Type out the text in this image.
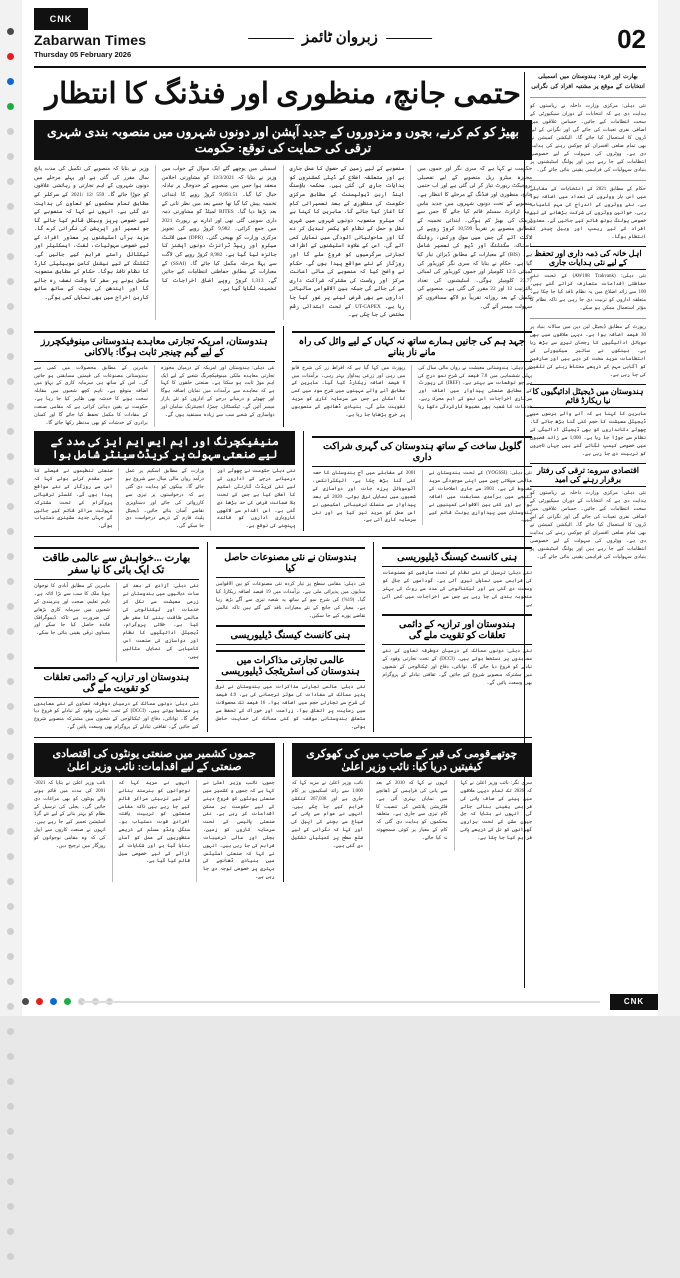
CNK
Zabarwan Times
Thursday 05 February 2026
زبروان ٹائمز	02
حتمی جانچ، منظوری اور فنڈنگ کا انتظار
بھیڑ کو کم کرنے، بچوں و مزدوروں کے جدید آپشن اور دونوں شہروں میں منصوبہ بندی شہری ترقی کی حمایت کی توقع: حکومت
حکومت نے کہا ہے کہ سری نگر اور جموں میں مجوزہ میٹرو ریل منصوبے کے لیے تفصیلی پروجیکٹ رپورٹ تیار کر لی گئی ہے اور اب حتمی جانچ، منظوری اور فنڈنگ کے مرحلے کا انتظار ہے۔ منصوبے کے تحت دونوں شہروں میں جدید ماس ریپڈ ٹرانزٹ سسٹم قائم کیا جائے گا جس سے ٹریفک کی بھیڑ کم ہوگی۔ ابتدائی تخمینہ کے مطابق منصوبے پر تقریباً 10,599 کروڑ روپے کی لاگت آئے گی جس میں سول ورکس، رولنگ اسٹاک، سگنلنگ اور ڈپو کی تعمیر شامل ہے۔ (BIS) کے معیارات کے مطابق ڈیزائن تیار کیا گیا ہے۔ حکام نے بتایا کہ سری نگر کوریڈور کی لمبائی 12.5 کلومیٹر اور جموں کوریڈور کی لمبائی 23.77 کلومیٹر ہوگی۔ اسٹیشنوں کی تعداد بالترتیب 12 اور 22 مقرر کی گئی ہے۔ منصوبے کی تکمیل کے بعد روزانہ تقریباً دو لاکھ مسافروں کو سہولت میسر آئے گی۔
منصوبے کے لیے زمین کے حصول کا عمل جاری ہے اور متعلقہ اضلاع کے ڈپٹی کمشنروں کو ہدایات جاری کی گئی ہیں۔ محکمہ ہاؤسنگ اینڈ اربن ڈیولپمنٹ کے مطابق مرکزی حکومت کی منظوری کے بعد تعمیراتی کام کا آغاز کیا جائے گا۔ ماہرین کا کہنا ہے کہ میٹرو منصوبہ دونوں شہروں میں شہری نقل و حمل کے نظام کو یکسر تبدیل کر دے گا اور ماحولیاتی آلودگی میں نمایاں کمی آئے گی۔ اس کے علاوہ اسٹیشنوں کے اطراف تجارتی سرگرمیوں کو فروغ ملے گا اور روزگار کے نئے مواقع پیدا ہوں گے۔ حکام نے واضح کیا کہ منصوبے کی مالی اعانت مرکز اور ریاست کی مشترکہ شراکت داری سے کی جائے گی جبکہ بین الاقوامی مالیاتی اداروں سے بھی قرض لینے پر غور کیا جا رہا ہے۔ UT-CAPEX کے تحت ابتدائی رقم مختص کی جا چکی ہے۔
اسمبلی میں پوچھے گئے ایک سوال کے جواب میں وزیر نے بتایا کہ 12/3/2021 کو مشاورتی اجلاس منعقد ہوا جس میں منصوبے کے خدوخال پر تبادلہ خیال کیا گیا۔ 9,893.51 کروڑ روپے کا ابتدائی تخمینہ پیش کیا گیا تھا جسے بعد میں نظر ثانی کے بعد بڑھا دیا گیا۔ RITES لمیٹڈ کو مشاورتی ذمہ داری سونپی گئی تھی اور ادارے نے رپورٹ 2021 میں جمع کرائی۔ 9,982 کروڑ روپے کی تجویز مرکزی وزارت کو بھیجی گئی۔ (DPR) میں لائٹ میٹرو اور ریپڈ ٹرانزٹ دونوں آپشنز کا جائزہ لیا گیا ہے۔ 8,982 کروڑ روپے کی لاگت سے پہلا مرحلہ مکمل کیا جائے گا۔ (SSAI) کے معیارات کے مطابق حفاظتی انتظامات کیے جائیں گے۔ 1,313 کروڑ روپے اضافی اخراجات کا تخمینہ لگایا گیا ہے۔
وزیر نے بتایا کہ منصوبے کی تکمیل کی مدت پانچ سال مقرر کی گئی ہے اور پہلے مرحلے میں دونوں شہروں کے اہم تجارتی و رہائشی علاقوں کو جوڑا جائے گا۔ 559 /12 /2021 کے سرکلر کے مطابق تمام محکموں کو تعاون کی ہدایت دی گئی ہے۔ انہوں نے کہا کہ منصوبے کے لیے خصوصی پرپز وہیکل قائم کیا جائے گا جو تعمیر اور آپریشن کی نگرانی کرے گا۔ مزید برآں اسٹیشنوں پر معذور افراد کے لیے خصوصی سہولیات، لفٹ، ایسکلیٹر اور ٹیکٹائل راستے فراہم کیے جائیں گے۔ ٹکٹنگ کے لیے نیشنل کامن موبیلیٹی کارڈ کا نظام نافذ ہوگا۔ حکام کے مطابق منصوبہ مکمل ہونے پر سفر کا وقت نصف رہ جائے گا اور ایندھن کی بچت کے ساتھ ساتھ کاربن اخراج میں بھی نمایاں کمی ہوگی۔
جہد ہم کی جانیں ہمارے ساتھ نہ کہاں کے لیے وائل کی راہ مانے ناز بنانے
نئی دہلی: ہندوستانی معیشت نے رواں مالی سال کی پہلی ششماہی میں 7.8 فیصد کی شرح نمو درج کی ہے جو توقعات سے بہتر ہے۔ (IREF) کی رپورٹ کے مطابق صنعتی پیداوار میں اضافہ اور سرکاری اخراجات اس نمو کے اہم محرک رہے۔ خدمات کا شعبہ بھی مضبوط کارکردگی دکھا رہا ہے۔
رپورٹ میں کہا گیا ہے کہ افراط زر کی شرح قابو میں رہی اور زرعی پیداوار بہتر رہی۔ برآمدات میں 6 فیصد اضافہ ریکارڈ کیا گیا۔ ماہرین کے مطابق آنے والے مہینوں میں شرح سود میں کمی کا امکان ہے جس سے سرمایہ کاری کو مزید تقویت ملے گی۔ بنیادی ڈھانچے کے منصوبوں پر خرچ بڑھایا جا رہا ہے۔
ہندوستان، امریکہ تجارتی معاہدے ہندوستانی مینوفیکچررز کے لیے گیم چینجر ثابت ہوگا: بالاکانی
نئی دہلی: ہندوستان اور امریکہ کے درمیان مجوزہ تجارتی معاہدہ ملکی مینوفیکچرنگ شعبے کے لیے ایک اہم موڑ ثابت ہو سکتا ہے۔ صنعتی حلقوں کا کہنا ہے کہ معاہدے سے برآمدات میں نمایاں اضافہ ہوگا اور چھوٹے و درمیانے درجے کے اداروں کو نئے بازار میسر آئیں گے۔ ٹیکسٹائل، چمڑا، انجینئرنگ سامان اور دواسازی کے شعبے سب سے زیادہ مستفید ہوں گے۔
ماہرین کے مطابق محصولات میں کمی سے ہندوستانی مصنوعات کی قیمتیں مسابقتی ہو جائیں گی۔ اس کے ساتھ ہی سرمایہ کاری کے بہاؤ میں اضافہ متوقع ہے۔ تاہم کچھ شعبوں میں مقابلہ سخت ہونے کا خدشہ بھی ظاہر کیا جا رہا ہے۔ حکومت نے یقین دہانی کرائی ہے کہ مقامی صنعت کے مفادات کا مکمل تحفظ کیا جائے گا اور کسان برادری کے خدشات کو بھی مدنظر رکھا جائے گا۔
گلوبل ساخت کے ساتھ ہندوستان کی گہری شراکت داری
نئی دہلی: (YOGSSI) کے تحت ہندوستان نے عالمی سپلائی چین میں اپنی موجودگی مزید مضبوط کی ہے۔ 2003 سے جاری اصلاحات کے نتیجے میں برآمدی مسابقت میں اضافہ ہوا ہے اور کئی بین الاقوامی کمپنیوں نے ہندوستان میں پیداواری یونٹ قائم کیے ہیں۔
2001 کے مقابلے میں آج ہندوستان کا حصہ کئی گنا بڑھ چکا ہے۔ الیکٹرانکس، آٹوموبائل پرزہ جات اور دواسازی کے شعبوں میں نمایاں ترقی ہوئی۔ 2020 کے بعد پیداوار سے منسلک ترغیباتی اسکیموں نے اس عمل کو مزید تیز کیا ہے اور نئی سرمایہ کاری آئی ہے۔
منیفیکچرنگ اور ایم ایس ایم ایز کی مدد کے لیے صنعتی سہولت پر کریڈٹ سینٹر شامل ہوا
نئی دہلی: حکومت نے چھوٹے اور درمیانے درجے کے اداروں کے لیے نئی کریڈٹ گارنٹی اسکیم کا اعلان کیا ہے جس کے تحت بلا ضمانت قرض کی حد بڑھا دی گئی ہے۔ اس اقدام سے لاکھوں کاروباری اداروں کو فائدہ پہنچنے کی توقع ہے۔
وزارت کے مطابق اسکیم پر عمل درآمد رواں مالی سال سے شروع ہو جائے گا۔ بینکوں کو ہدایت دی گئی ہے کہ درخواستوں پر تیزی سے کارروائی کی جائے اور دستاویزی تقاضے آسان بنائے جائیں۔ ڈیجیٹل پلیٹ فارم کے ذریعے درخواست دی جا سکے گی۔
صنعتی تنظیموں نے فیصلے کا خیر مقدم کرتے ہوئے کہا کہ اس سے روزگار کے نئے مواقع پیدا ہوں گے۔ کلسٹر ترقیاتی پروگرام کے تحت مشترکہ سہولت مراکز قائم کیے جائیں گے جہاں جدید مشینری دستیاب ہوگی۔
ہنی کانسٹ کیسنگ ڈیلیوریسی
نئی دہلی: ترسیل کے نئے نظام کے تحت صارفین کو مصنوعات کی فراہمی میں نمایاں تیزی آئی ہے۔ گوداموں کے جال کو وسعت دی گئی ہے اور ٹیکنالوجی کی مدد سے روٹ کی بہتر منصوبہ بندی کی جا رہی ہے جس سے اخراجات میں کمی آئی ہے۔
ہندوستان اور ترازیہ کے دائمی تعلقات کو تقویت ملے گی
نئی دہلی: دونوں ممالک کے درمیان دوطرفہ تعاون کے نئے معاہدوں پر دستخط ہوئے ہیں۔ (DCCI) کے تحت تجارتی وفود کے تبادلے کو فروغ دیا جائے گا۔ توانائی، دفاع اور ٹیکنالوجی کے شعبوں میں مشترکہ منصوبے شروع کیے جائیں گے۔ ثقافتی تبادلے کے پروگرام بھی وسعت پائیں گے۔
ہندوستان نے نئی مصنوعات حاصل کیا
نئی دہلی: مقامی سطح پر تیار کردہ نئی مصنوعات کو بین الاقوامی منڈیوں میں پذیرائی ملی ہے۔ برآمدات میں 19 فیصد اضافہ ریکارڈ کیا گیا۔ (19%) کی شرح نمو کے ساتھ یہ شعبہ تیزی سے آگے بڑھ رہا ہے۔ معیار کی جانچ کے نئے معیارات نافذ کیے گئے ہیں تاکہ عالمی تقاضے پورے کیے جا سکیں۔
ہنی کانسٹ کیسنگ ڈیلیوریسی
عالمی تجارتی مذاکرات میں ہندوستان کی اسٹریٹجک ڈیلیوریسی
نئی دہلی: عالمی تجارتی مذاکرات میں ہندوستان نے ترقی پذیر ممالک کے مفادات کی مؤثر ترجمانی کی ہے۔ 4.9 فیصد کی شرح سے تجارتی حجم میں اضافہ ہوا۔ 16 فیصد تک محصولات میں رعایت پر اتفاق ہوا۔ زراعت اور خوراک کے تحفظ سے متعلق ہندوستانی موقف کو کئی ممالک کی حمایت حاصل ہوئی۔
بھارت ...خواہش سے عالمی طاقت تک ایک بائی کا نیا سفر
نئی دہلی: آزادی کے بعد کے سات دہائیوں میں ہندوستان نے زرعی معیشت سے نکل کر خدمات اور ٹیکنالوجی کی عالمی طاقت بننے کا سفر طے کیا ہے۔ خلائی پروگرام، ڈیجیٹل ادائیگیوں کا نظام اور دواسازی کی صنعت اس کامیابی کی نمایاں مثالیں ہیں۔
ماہرین کے مطابق آبادی کا نوجوان ہونا ملک کا سب سے بڑا اثاثہ ہے۔ تاہم تعلیم، صحت اور ہنرمندی کے شعبوں میں سرمایہ کاری بڑھانے کی ضرورت ہے تاکہ ڈیموگرافک فائدہ حاصل کیا جا سکے اور مساوی ترقی یقینی بنائی جا سکے۔
ہندوستان اور ترازیہ کے دائمی تعلقات کو تقویت ملے گی
نئی دہلی: دونوں ممالک کے درمیان دوطرفہ تعاون کے نئے معاہدوں پر دستخط ہوئے ہیں۔ (DCCI) کے تحت تجارتی وفود کے تبادلے کو فروغ دیا جائے گا۔ توانائی، دفاع اور ٹیکنالوجی کے شعبوں میں مشترکہ منصوبے شروع کیے جائیں گے۔ ثقافتی تبادلے کے پروگرام بھی وسعت پائیں گے۔
چوتھےقومی کی قبر کے صاحب میں کی کھوکری کیفیتیں دریا کیا: نائب وزیر اعلیٰ
سری نگر: نائب وزیر اعلیٰ نے کہا کہ 2026 تک تمام دیہی علاقوں میں پینے کے صاف پانی کی فراہمی یقینی بنائی جائے گی۔ انہوں نے بتایا کہ جل جیون مشن کے تحت ہزاروں گھرانوں کو نل کے ذریعے پانی فراہم کیا جا چکا ہے۔
انہوں نے کہا کہ 2010 کے بعد سے پانی کی فراہمی کے ڈھانچے میں نمایاں بہتری آئی ہے۔ فلٹریشن پلانٹس کی تنصیب کا کام تیزی سے جاری ہے۔ متعلقہ محکموں کو ہدایت دی گئی کہ کام کے معیار پر کوئی سمجھوتہ نہ کیا جائے۔
نائب وزیر اعلیٰ نے مزید کہا کہ 1,000 سے زائد اسکیموں پر کام جاری ہے اور 267,038 کنکشن فراہم کیے جا چکے ہیں۔ انہوں نے عوام سے پانی کے ضیاع سے بچنے کی اپیل کی اور کہا کہ نگرانی کے لیے ضلع سطح پر کمیٹیاں تشکیل دی گئی ہیں۔
جموں کشمیر میں صنعتی یونٹوں کی اقتصادی صنعتی کے لیے اقدامات: نائب وزیر اعلیٰ
جموں: نائب وزیر اعلیٰ نے کہا ہے کہ جموں و کشمیر میں صنعتی یونٹوں کو فروغ دینے کے لیے حکومت ہر ممکن اقدامات کر رہی ہے۔ نئی صنعتی پالیسی کے تحت سرمایہ کاروں کو زمین، بجلی اور مالی ترغیبات فراہم کی جا رہی ہیں۔ انہوں نے کہا کہ صنعتی اسٹیٹس میں بنیادی ڈھانچے کی بہتری پر خصوصی توجہ دی جا رہی ہے۔
انہوں نے مزید کہا کہ نوجوانوں کو ہنرمند بنانے کے لیے تربیتی مراکز قائم کیے جا رہے ہیں تاکہ مقامی صنعتوں کو تربیت یافتہ افرادی قوت دستیاب ہو۔ سنگل ونڈو سسٹم کے ذریعے منظوریوں کے عمل کو آسان بنایا گیا ہے اور شکایات کے ازالے کے لیے خصوصی سیل قائم کیا گیا ہے۔
نائب وزیر اعلیٰ نے بتایا کہ 2021-2001 کی مدت میں قائم ہونے والے یونٹوں کو بھی مراعات دی جائیں گی۔ بجلی کی ترسیل کے نظام کو بہتر بنانے کے لیے نئے گرڈ اسٹیشن تعمیر کیے جا رہے ہیں۔ انہوں نے صنعت کاروں سے اپیل کی کہ وہ مقامی نوجوانوں کو روزگار میں ترجیح دیں۔
بھارت اور غزہ: ہندوستان میں اسمبلی انتخابات کے موقع پر مشتبہ افراد کی نگرانی
نئی دہلی: مرکزی وزارت داخلہ نے ریاستوں کو ہدایت دی ہے کہ انتخابات کے دوران سیکیورٹی کے سخت انتظامات کیے جائیں۔ حساس علاقوں میں اضافی نفری تعینات کی جائے گی اور نگرانی کے لیے ڈرون کا استعمال کیا جائے گا۔ الیکشن کمیشن نے بھی تمام ضلعی افسران کو چوکس رہنے کی ہدایت دی ہے۔ ووٹروں کی سہولت کے لیے خصوصی انتظامات کیے جا رہے ہیں اور پولنگ اسٹیشنوں پر بنیادی سہولیات کی فراہمی یقینی بنائی جائے گی۔
حکام کے مطابق 2021 کے انتخابات کے مقابلے میں اس بار ووٹروں کی تعداد میں اضافہ ہوا ہے۔ نئے ووٹروں کے اندراج کی مہم کامیاب رہی۔ خواتین ووٹروں کی شرکت بڑھانے کے لیے خصوصی پولنگ بوتھ قائم کیے جائیں گے۔ معذور افراد کے لیے ریمپ اور وہیل چیئر کا انتظام ہوگا۔
اہل خانہ کی ذمہ داری اور تحفظ کے لیے نئی ہدایات جاری
نئی دہلی: (AW108 Trakvank) کے تحت نئے حفاظتی اقدامات متعارف کرائے گئے ہیں۔ 100 سے زائد اضلاع میں یہ نظام نافذ کیا جا چکا ہے۔ متعلقہ اداروں کو تربیت دی جا رہی ہے تاکہ نظام کا مؤثر استعمال ممکن ہو سکے۔
رپورٹ کے مطابق ڈیجیٹل لین دین میں سالانہ بنیاد پر 30 فیصد اضافہ ہوا ہے۔ دیہی علاقوں میں بھی موبائل ادائیگیوں کا رجحان تیزی سے بڑھ رہا ہے۔ بینکوں نے سائبر سیکیورٹی کے انتظامات مزید سخت کر دیے ہیں اور صارفین کو آگاہی مہم کے ذریعے محتاط رہنے کی تلقین کی جا رہی ہے۔
ہندوستان میں ڈیجیٹل ادائیگیوں کا نیا ریکارڈ قائم
ماہرین کا کہنا ہے کہ آنے والے برسوں میں ڈیجیٹل معیشت کا حجم کئی گنا بڑھ جائے گا۔ چھوٹے دکانداروں کو بھی ڈیجیٹل ادائیگی کے نظام سے جوڑا جا رہا ہے۔ 1,000 سے زائد قصبوں میں خصوصی کیمپ لگائے گئے ہیں جہاں تاجروں کو تربیت دی جا رہی ہے۔
اقتصادی سروے: ترقی کی رفتار برقرار رہنے کی امید
نئی دہلی: مرکزی وزارت داخلہ نے ریاستوں کو ہدایت دی ہے کہ انتخابات کے دوران سیکیورٹی کے سخت انتظامات کیے جائیں۔ حساس علاقوں میں اضافی نفری تعینات کی جائے گی اور نگرانی کے لیے ڈرون کا استعمال کیا جائے گا۔ الیکشن کمیشن نے بھی تمام ضلعی افسران کو چوکس رہنے کی ہدایت دی ہے۔ ووٹروں کی سہولت کے لیے خصوصی انتظامات کیے جا رہے ہیں اور پولنگ اسٹیشنوں پر بنیادی سہولیات کی فراہمی یقینی بنائی جائے گی۔
CNK
